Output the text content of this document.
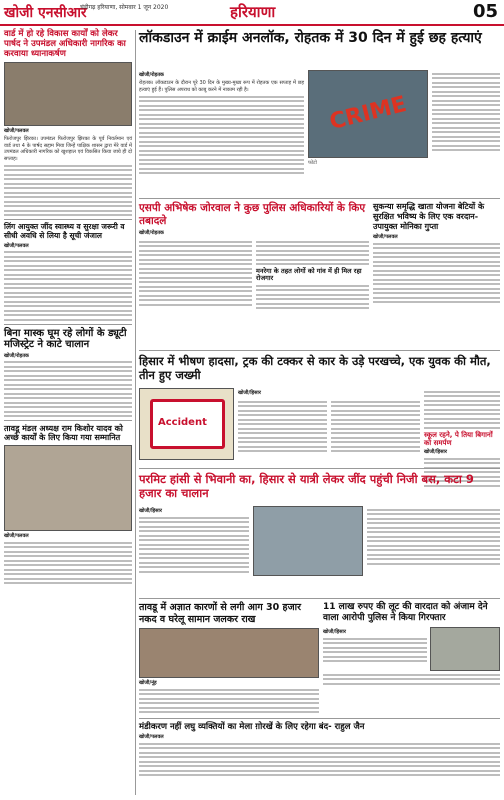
खोजी एनसीआर
चंडीगढ़ हरियाणा, सोमवार 1 जून 2020	हरियाणा	05
वार्ड में हो रहे विकास कार्यों को लेकर पार्षद ने उपमंडल अधिकारी नागरिक का करवाया ध्यानाकर्षण
खोजी/पलवल
फिरोजपुर झिरका। उपमंडल फिरोजपुर झिरका के पूर्व निवर्तमान एवं वार्ड तथा 4 के पार्षद सद्दाम मिया जिन्हें पाक्षिक शासन द्वारा मेरे वार्ड में उपमंडल अधिकारी नागरिक को खुशहाल एवं विकसित किया जाये ही दो सप्ताह।
लिंग आयुक्त जींद स्वास्थ्य व सुरक्षा जरूरी व सीधी अवधि से लिया है सूची जंजाल
खोजी/पलवल
बिना मास्क घूम रहे लोगों के ड्यूटी मजिस्ट्रेट ने काटे चालान
खोजी/रोहतक
तावडू मंडल अध्यक्ष राम किशोर यादव को अच्छे कार्यों के लिए किया गया सम्मानित
खोजी/पलवल
लॉकडाउन में क्राईम अनलॉक, रोहतक में 30 दिन में हुई छह हत्याएं
खोजी/रोहतक
रोहतक। लॉकडाउन के दौरान पूरे 30 दिन के मुख्य-मुख्य रूप में रोहतक एक सप्ताह में छह हत्याएं हुई हैं। पुलिस अपराध को काबू करने में नाकाम रही है।
CRIME
फोटो
एसपी अभिषेक जोरवाल ने कुछ पुलिस अधिकारियों के किए तबादले
खोजी/रोहतक
मनरेगा के तहत लोगों को गांव में ही मिल रहा रोजगार
सुकन्या समृद्धि खाता योजना बेटियों के सुरक्षित भविष्य के लिए एक वरदान- उपायुक्त मोनिका गुप्ता
खोजी/पलवल
हिसार में भीषण हादसा, ट्रक की टक्कर से कार के उड़े परखच्चे, एक युवक की मौत, तीन हुए जख्मी
Accident
खोजी/हिसार
स्कूल रहने, पे तिया बिगानों को समर्पण
खोजी/हिसार
परमिट हांसी से भिवानी का, हिसार से यात्री लेकर जींद पहुंची निजी बस, कटा 9 हजार का चालान
खोजी/हिसार
तावडू में अज्ञात कारणों से लगी आग 30 हजार नकद व घरेलू सामान जलकर राख
खोजी/नूंह
11 लाख रुपए की लूट की वारदात को अंजाम देने वाला आरोपी पुलिस ने किया गिरफ्तार
खोजी/हिसार
मंडीकरण नहीं लघु व्यक्तियों का मेला ग़ोरखें के लिए रहेगा बंद- राहुल जैन
खोजी/पलवल
